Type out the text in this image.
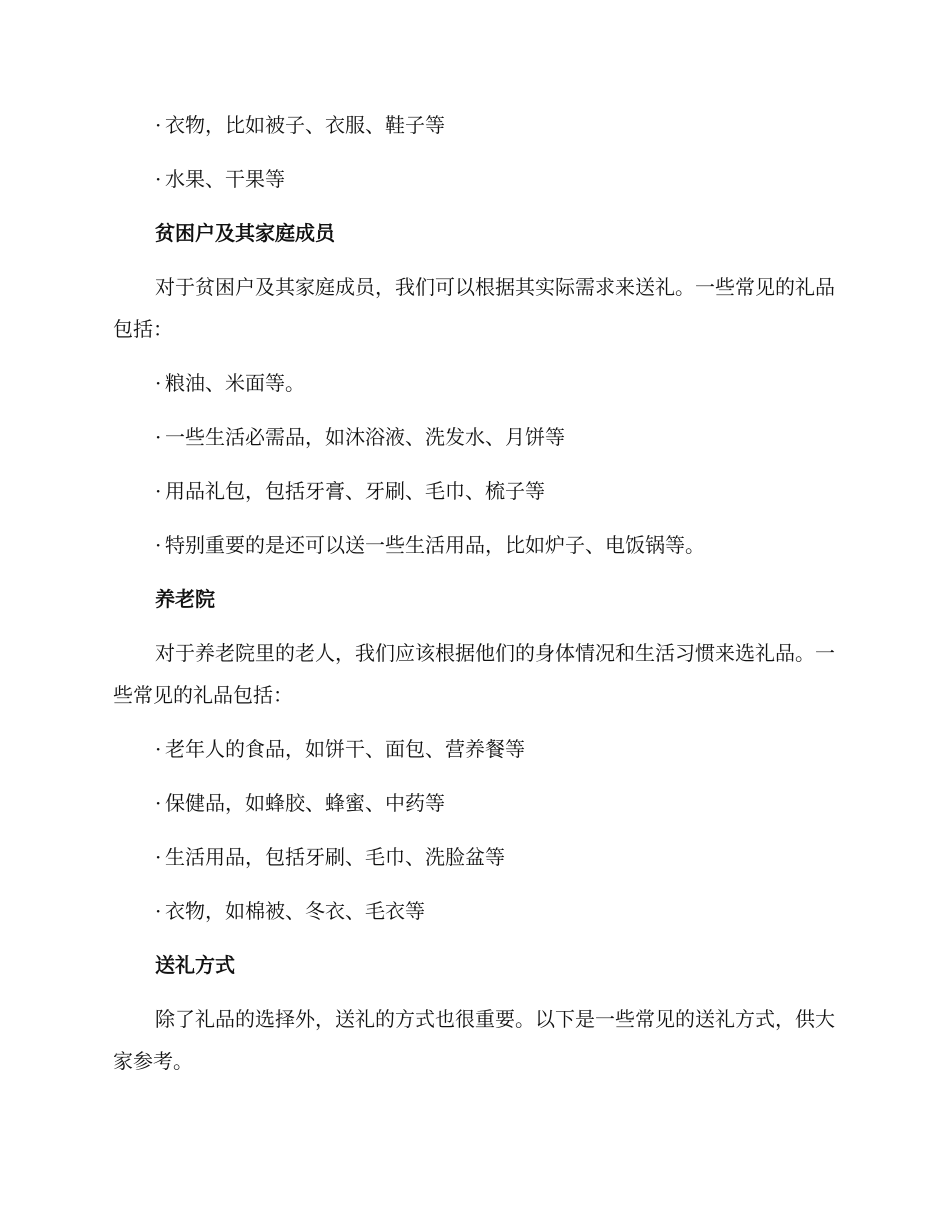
· 衣物，比如被子、衣服、鞋子等
· 水果、干果等
贫困户及其家庭成员

对于贫困户及其家庭成员，我们可以根据其实际需求来送礼。一些常见的礼品包括：

· 粮油、米面等。
· 一些生活必需品，如沐浴液、洗发水、月饼等
· 用品礼包，包括牙膏、牙刷、毛巾、梳子等
· 特别重要的是还可以送一些生活用品，比如炉子、电饭锅等。
养老院

对于养老院里的老人，我们应该根据他们的身体情况和生活习惯来选礼品。一些常见的礼品包括：

· 老年人的食品，如饼干、面包、营养餐等
· 保健品，如蜂胶、蜂蜜、中药等
· 生活用品，包括牙刷、毛巾、洗脸盆等
· 衣物，如棉被、冬衣、毛衣等
送礼方式

除了礼品的选择外，送礼的方式也很重要。以下是一些常见的送礼方式，供大家参考。
